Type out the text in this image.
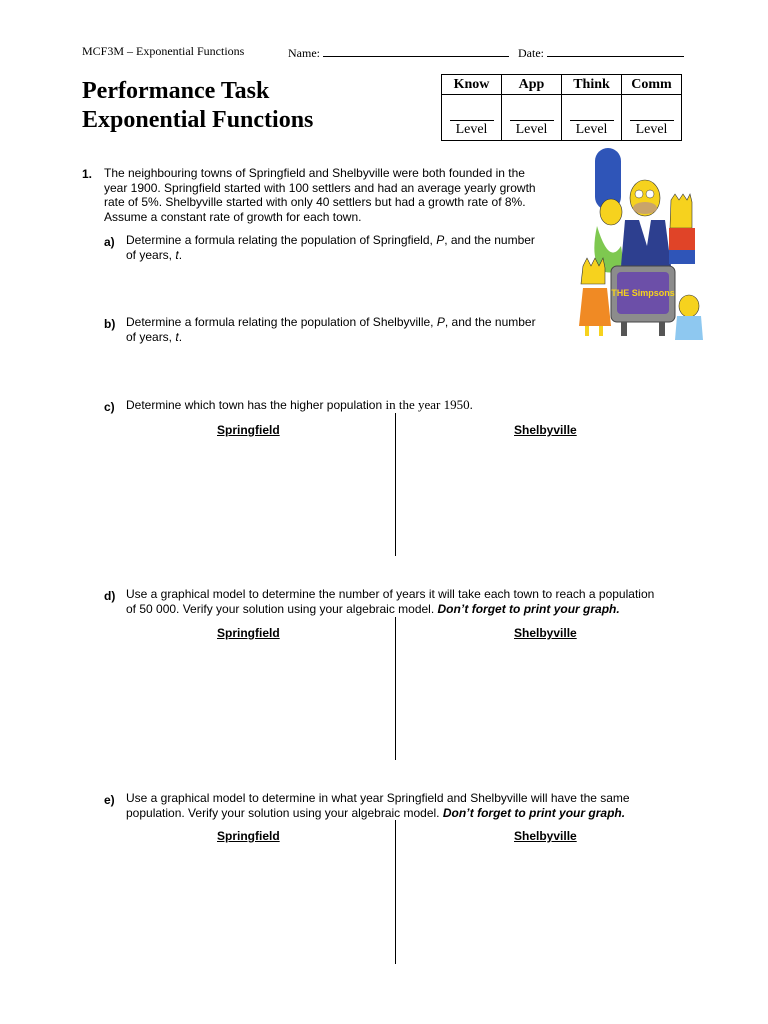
MCF3M – Exponential Functions	Name:	Date:
Performance Task
Exponential Functions
Know	App	Think	Comm

Level	Level	Level	Level
1. The neighbouring towns of Springfield and Shelbyville were both founded in the
year 1900. Springfield started with 100 settlers and had an average yearly growth
rate of 5%. Shelbyville started with only 40 settlers but had a growth rate of 8%.
Assume a constant rate of growth for each town.
THE Simpsons
a) Determine a formula relating the population of Springfield, P, and the number
of years, t.
b) Determine a formula relating the population of Shelbyville, P, and the number
of years, t.
c) Determine which town has the higher population in the year 1950.
Springfield	Shelbyville
d) Use a graphical model to determine the number of years it will take each town to reach a population
of 50 000. Verify your solution using your algebraic model. Don’t forget to print your graph.
Springfield	Shelbyville
e) Use a graphical model to determine in what year Springfield and Shelbyville will have the same
population. Verify your solution using your algebraic model. Don’t forget to print your graph.
Springfield	Shelbyville
